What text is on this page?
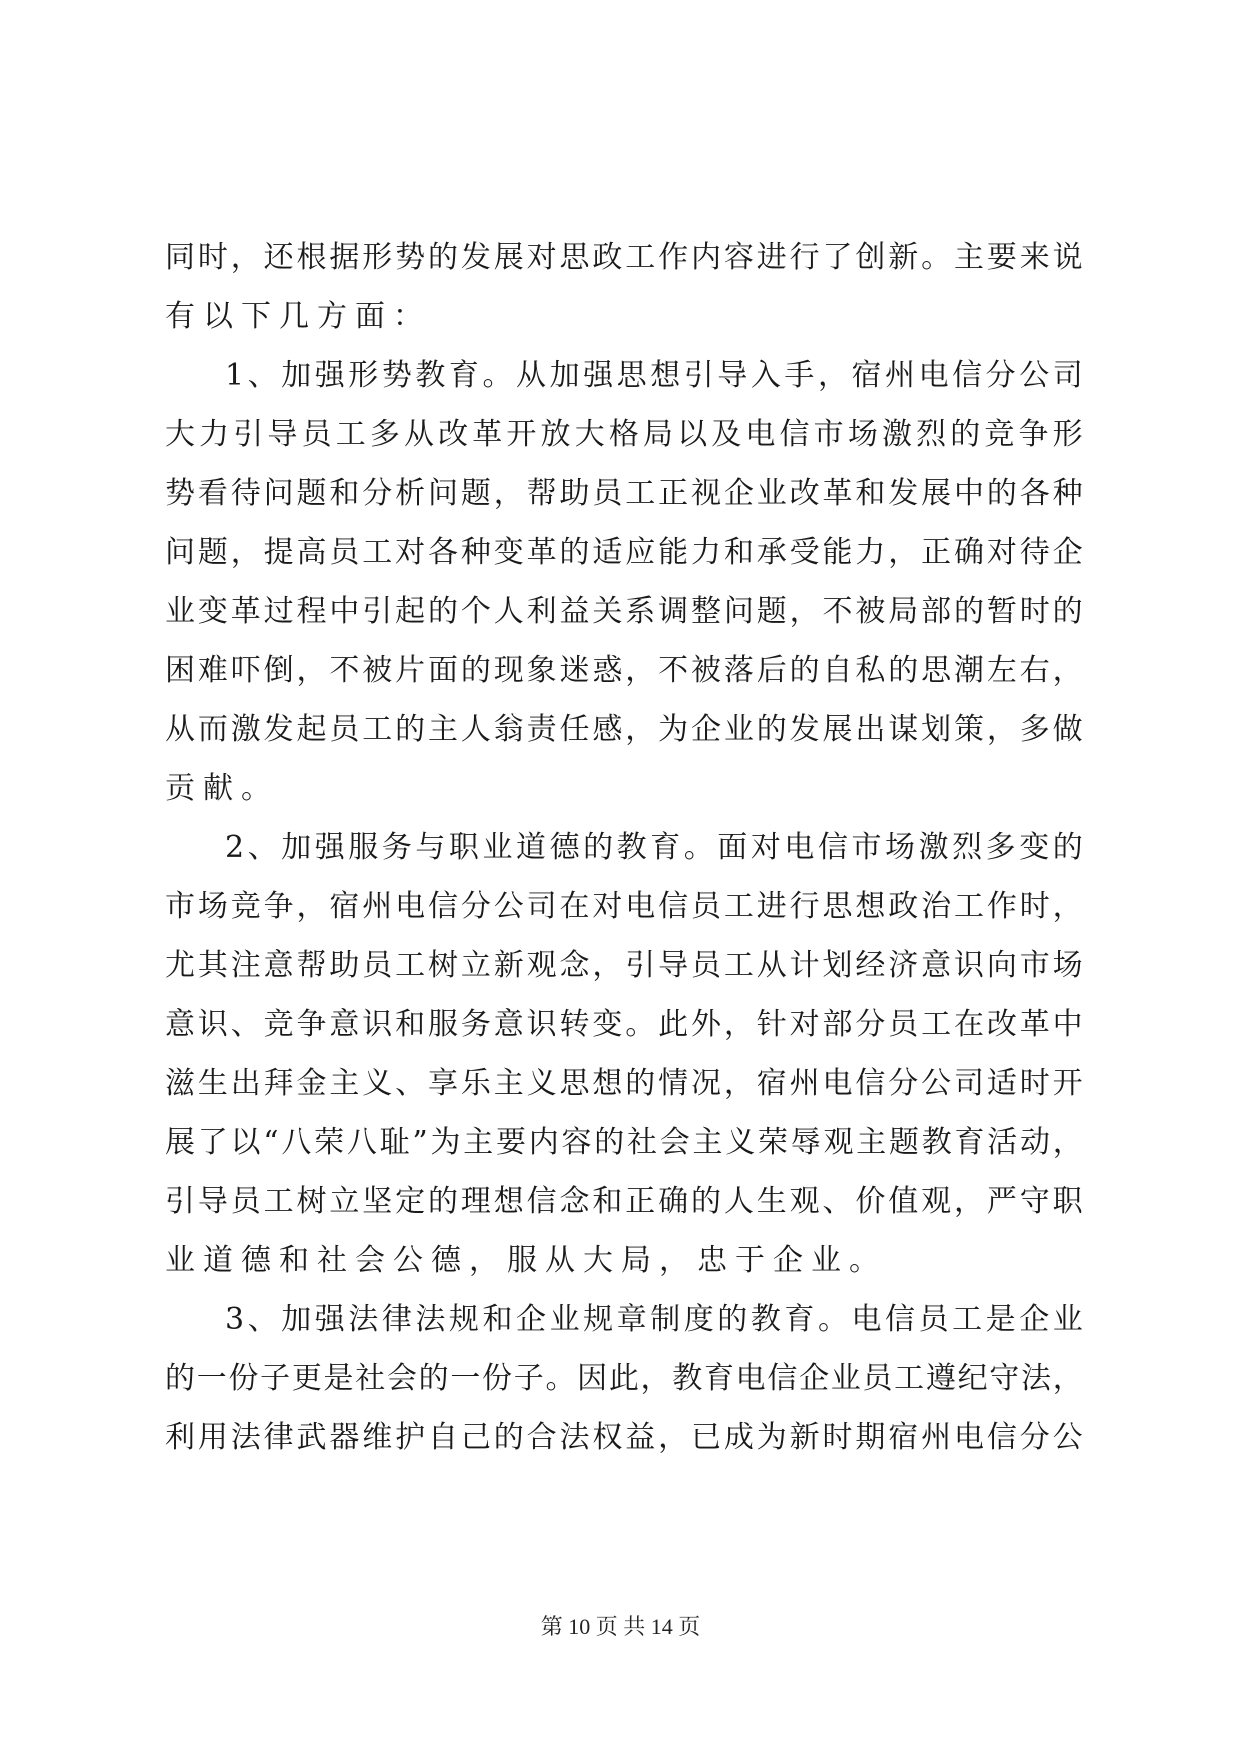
同 时 ， 还 根 据 形 势 的 发 展 对 思 政 工 作 内 容 进 行 了 创 新 。 主 要 来 说
有以下几方面：
1 、 加 强 形 势 教 育 。 从 加 强 思 想 引 导 入 手 ， 宿 州 电 信 分 公 司
大 力 引 导 员 工 多 从 改 革 开 放 大 格 局 以 及 电 信 市 场 激 烈 的 竞 争 形
势 看 待 问 题 和 分 析 问 题 ， 帮 助 员 工 正 视 企 业 改 革 和 发 展 中 的 各 种
问 题 ， 提 高 员 工 对 各 种 变 革 的 适 应 能 力 和 承 受 能 力 ， 正 确 对 待 企
业 变 革 过 程 中 引 起 的 个 人 利 益 关 系 调 整 问 题 ， 不 被 局 部 的 暂 时 的
困 难 吓 倒 ， 不 被 片 面 的 现 象 迷 惑 ， 不 被 落 后 的 自 私 的 思 潮 左 右 ，
从 而 激 发 起 员 工 的 主 人 翁 责 任 感 ， 为 企 业 的 发 展 出 谋 划 策 ， 多 做
贡献。
2 、 加 强 服 务 与 职 业 道 德 的 教 育 。 面 对 电 信 市 场 激 烈 多 变 的
市 场 竞 争 ， 宿 州 电 信 分 公 司 在 对 电 信 员 工 进 行 思 想 政 治 工 作 时 ，
尤 其 注 意 帮 助 员 工 树 立 新 观 念 ， 引 导 员 工 从 计 划 经 济 意 识 向 市 场
意 识 、 竞 争 意 识 和 服 务 意 识 转 变 。 此 外 ， 针 对 部 分 员 工 在 改 革 中
滋 生 出 拜 金 主 义 、 享 乐 主 义 思 想 的 情 况 ， 宿 州 电 信 分 公 司 适 时 开
展 了 以 “ 八 荣 八 耻 ” 为 主 要 内 容 的 社 会 主 义 荣 辱 观 主 题 教 育 活 动 ，
引 导 员 工 树 立 坚 定 的 理 想 信 念 和 正 确 的 人 生 观 、 价 值 观 ， 严 守 职
业道德和社会公德，服从大局，忠于企业。
3 、 加 强 法 律 法 规 和 企 业 规 章 制 度 的 教 育 。 电 信 员 工 是 企 业
的 一 份 子 更 是 社 会 的 一 份 子 。 因 此 ， 教 育 电 信 企 业 员 工 遵 纪 守 法 ，
利 用 法 律 武 器 维 护 自 己 的 合 法 权 益 ， 已 成 为 新 时 期 宿 州 电 信 分 公
第 10 页 共 14 页
